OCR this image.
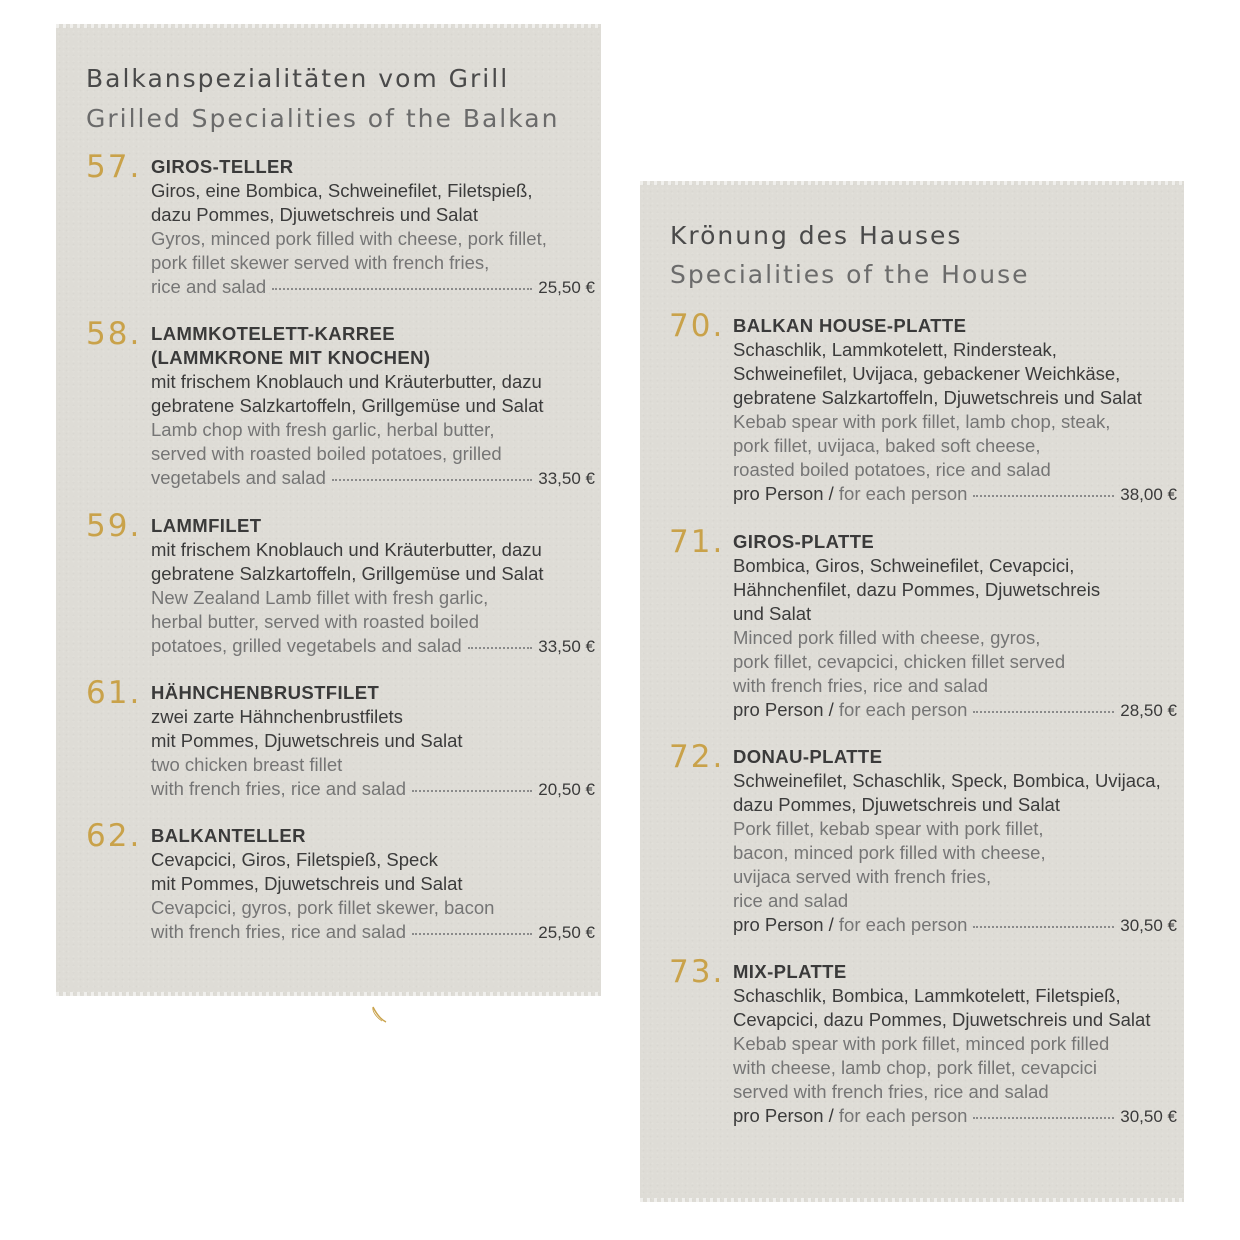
Balkanspezialitäten vom Grill
Grilled Specialities of the Balkan
57. GIROS-TELLER
Giros, eine Bombica, Schweinefilet, Filetspieß,
dazu Pommes, Djuwetschreis und Salat
Gyros, minced pork filled with cheese, pork fillet,
pork fillet skewer served with french fries,
rice and salad	25,50 €
58. LAMMKOTELETT-KARREE
(LAMMKRONE MIT KNOCHEN)
mit frischem Knoblauch und Kräuterbutter, dazu
gebratene Salzkartoffeln, Grillgemüse und Salat
Lamb chop with fresh garlic, herbal butter,
served with roasted boiled potatoes, grilled
vegetabels and salad	33,50 €
59. LAMMFILET
mit frischem Knoblauch und Kräuterbutter, dazu
gebratene Salzkartoffeln, Grillgemüse und Salat
New Zealand Lamb fillet with fresh garlic,
herbal butter, served with roasted boiled
potatoes, grilled vegetabels and salad	33,50 €
61. HÄHNCHENBRUSTFILET
zwei zarte Hähnchenbrustfilets
mit Pommes, Djuwetschreis und Salat
two chicken breast fillet
with french fries, rice and salad	20,50 €
62. BALKANTELLER
Cevapcici, Giros, Filetspieß, Speck
mit Pommes, Djuwetschreis und Salat
Cevapcici, gyros, pork fillet skewer, bacon
with french fries, rice and salad	25,50 €
Krönung des Hauses
Specialities of the House
70. BALKAN HOUSE-PLATTE
Schaschlik, Lammkotelett, Rindersteak,
Schweinefilet, Uvijaca, gebackener Weichkäse,
gebratene Salzkartoffeln, Djuwetschreis und Salat
Kebab spear with pork fillet, lamb chop, steak,
pork fillet, uvijaca, baked soft cheese,
roasted boiled potatoes, rice and salad
pro Person / for each person	38,00 €
71. GIROS-PLATTE
Bombica, Giros, Schweinefilet, Cevapcici,
Hähnchenfilet, dazu Pommes, Djuwetschreis
und Salat
Minced pork filled with cheese, gyros,
pork fillet, cevapcici, chicken fillet served
with french fries, rice and salad
pro Person / for each person	28,50 €
72. DONAU-PLATTE
Schweinefilet, Schaschlik, Speck, Bombica, Uvijaca,
dazu Pommes, Djuwetschreis und Salat
Pork fillet, kebab spear with pork fillet,
bacon, minced pork filled with cheese,
uvijaca served with french fries,
rice and salad
pro Person / for each person	30,50 €
73. MIX-PLATTE
Schaschlik, Bombica, Lammkotelett, Filetspieß,
Cevapcici, dazu Pommes, Djuwetschreis und Salat
Kebab spear with pork fillet, minced pork filled
with cheese, lamb chop, pork fillet, cevapcici
served with french fries, rice and salad
pro Person / for each person	30,50 €
